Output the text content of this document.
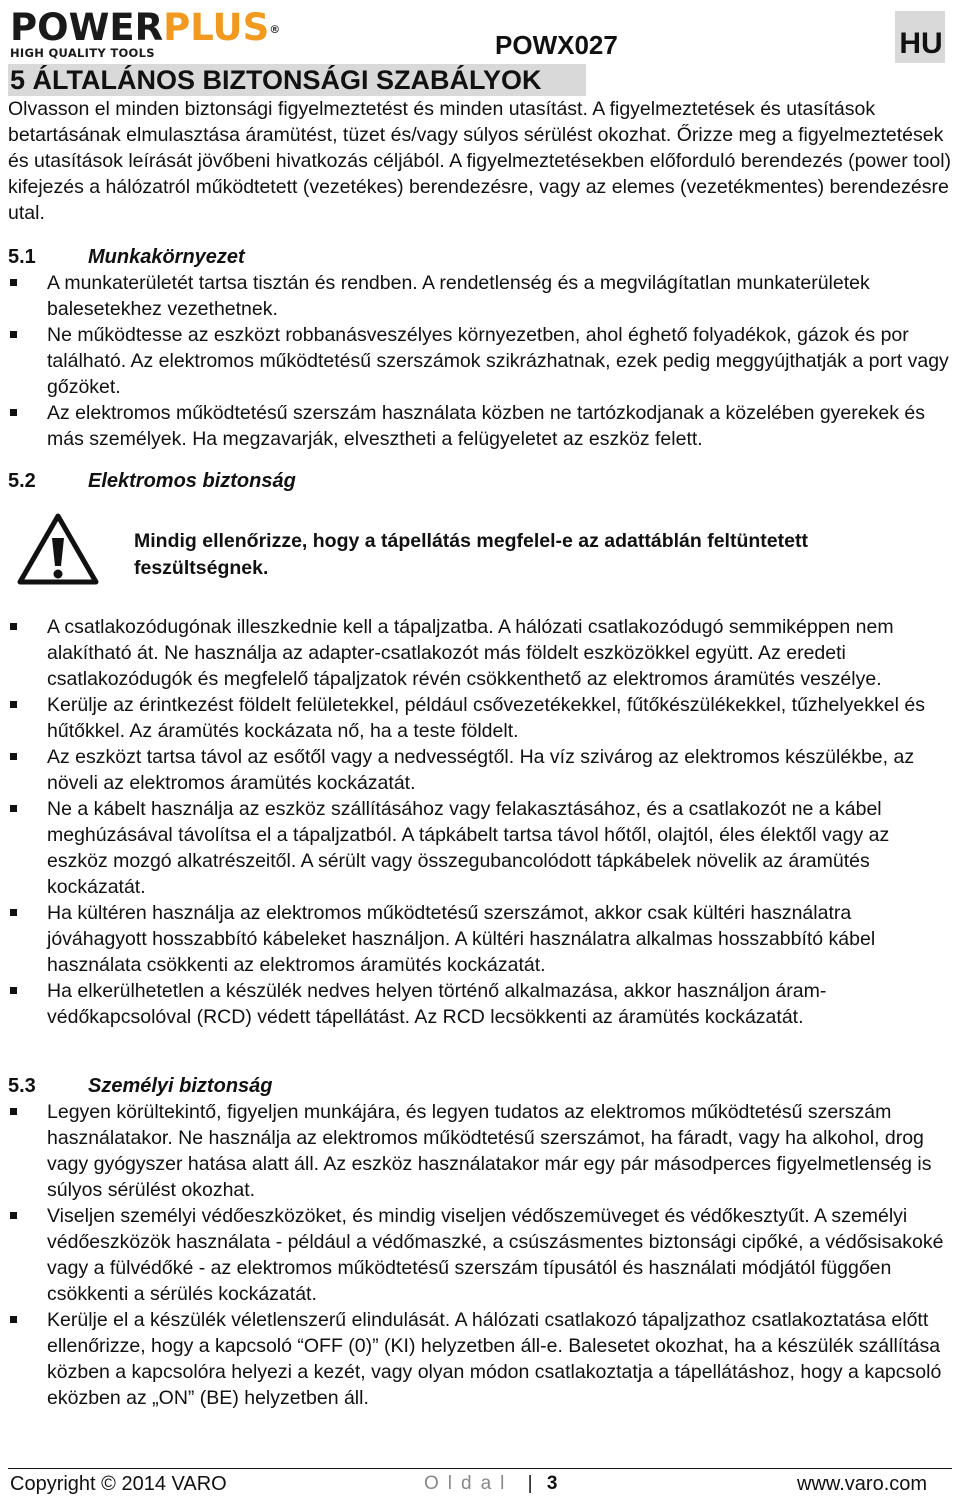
POWERPLUS®
HIGH QUALITY TOOLS	POWX027	HU
5 ÁLTALÁNOS BIZTONSÁGI SZABÁLYOK
Olvasson el minden biztonsági figyelmeztetést és minden utasítást. A figyelmeztetések és utasítások betartásának elmulasztása áramütést, tüzet és/vagy súlyos sérülést okozhat. Őrizze meg a figyelmeztetések és utasítások leírását jövőbeni hivatkozás céljából. A figyelmeztetésekben előforduló berendezés (power tool) kifejezés a hálózatról működtetett (vezetékes) berendezésre, vagy az elemes (vezetékmentes) berendezésre utal.
5.1	Munkakörnyezet
A munkaterületét tartsa tisztán és rendben. A rendetlenség és a megvilágítatlan munkaterületek balesetekhez vezethetnek.
Ne működtesse az eszközt robbanásveszélyes környezetben, ahol éghető folyadékok, gázok és por található. Az elektromos működtetésű szerszámok szikrázhatnak, ezek pedig meggyújthatják a port vagy gőzöket.
Az elektromos működtetésű szerszám használata közben ne tartózkodjanak a közelében gyerekek és más személyek. Ha megzavarják, elvesztheti a felügyeletet az eszköz felett.
5.2	Elektromos biztonság
Mindig ellenőrizze, hogy a tápellátás megfelel-e az adattáblán feltüntetett feszültségnek.
A csatlakozódugónak illeszkednie kell a tápaljzatba. A hálózati csatlakozódugó semmiképpen nem alakítható át. Ne használja az adapter-csatlakozót más földelt eszközökkel együtt. Az eredeti csatlakozódugók és megfelelő tápaljzatok révén csökkenthető az elektromos áramütés veszélye.
Kerülje az érintkezést földelt felületekkel, például csővezetékekkel, fűtőkészülékekkel, tűzhelyekkel és hűtőkkel. Az áramütés kockázata nő, ha a teste földelt.
Az eszközt tartsa távol az esőtől vagy a nedvességtől. Ha víz szivárog az elektromos készülékbe, az növeli az elektromos áramütés kockázatát.
Ne a kábelt használja az eszköz szállításához vagy felakasztásához, és a csatlakozót ne a kábel meghúzásával távolítsa el a tápaljzatból. A tápkábelt tartsa távol hőtől, olajtól, éles élektől vagy az eszköz mozgó alkatrészeitől. A sérült vagy összegubancolódott tápkábelek növelik az áramütés kockázatát.
Ha kültéren használja az elektromos működtetésű szerszámot, akkor csak kültéri használatra jóváhagyott hosszabbító kábeleket használjon. A kültéri használatra alkalmas hosszabbító kábel használata csökkenti az elektromos áramütés kockázatát.
Ha elkerülhetetlen a készülék nedves helyen történő alkalmazása, akkor használjon áram-védőkapcsolóval (RCD) védett tápellátást. Az RCD lecsökkenti az áramütés kockázatát.
5.3	Személyi biztonság
Legyen körültekintő, figyeljen munkájára, és legyen tudatos az elektromos működtetésű szerszám használatakor. Ne használja az elektromos működtetésű szerszámot, ha fáradt, vagy ha alkohol, drog vagy gyógyszer hatása alatt áll. Az eszköz használatakor már egy pár másodperces figyelmetlenség is súlyos sérülést okozhat.
Viseljen személyi védőeszközöket, és mindig viseljen védőszemüveget és védőkesztyűt. A személyi védőeszközök használata - például a védőmaszké, a csúszásmentes biztonsági cipőké, a védősisakoké vagy a fülvédőké - az elektromos működtetésű szerszám típusától és használati módjától függően csökkenti a sérülés kockázatát.
Kerülje el a készülék véletlenszerű elindulását. A hálózati csatlakozó tápaljzathoz csatlakoztatása előtt ellenőrizze, hogy a kapcsoló “OFF (0)” (KI) helyzetben áll-e. Balesetet okozhat, ha a készülék szállítása közben a kapcsolóra helyezi a kezét, vagy olyan módon csatlakoztatja a tápellátáshoz, hogy a kapcsoló eközben az „ON” (BE) helyzetben áll.
Copyright © 2014 VARO	Oldal | 3	www.varo.com
